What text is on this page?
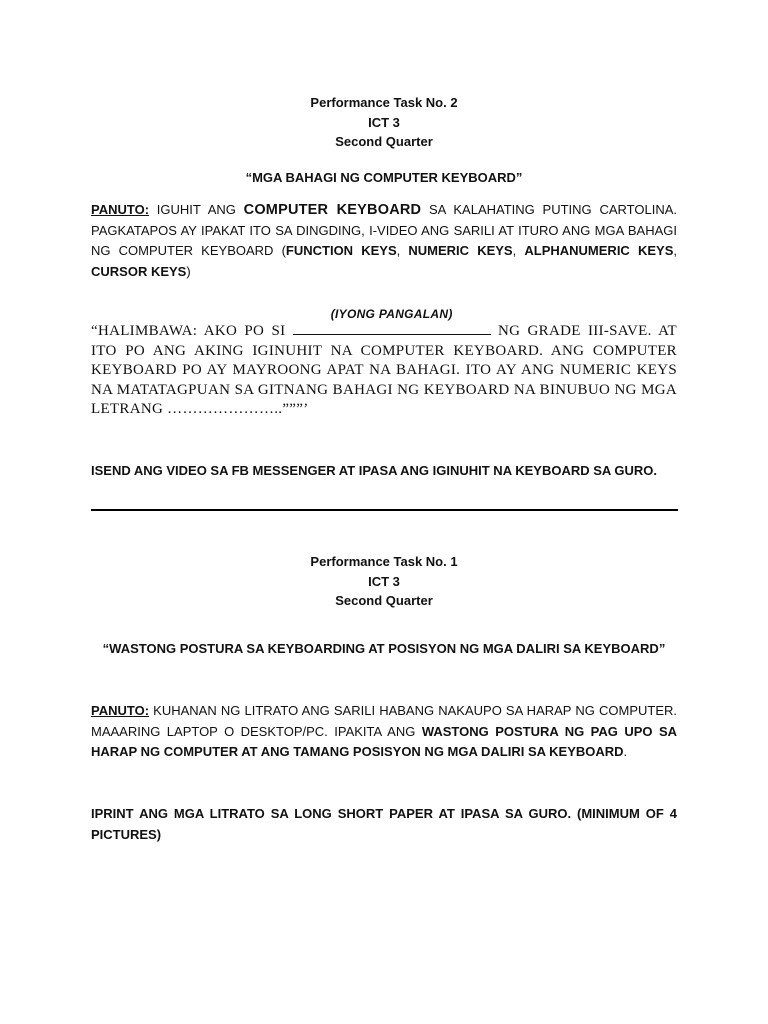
Performance Task No. 2
ICT 3
Second Quarter
“MGA BAHAGI NG COMPUTER KEYBOARD”
PANUTO: IGUHIT ANG COMPUTER KEYBOARD SA KALAHATING PUTING CARTOLINA. PAGKATAPOS AY IPAKAT ITO SA DINGDING, I-VIDEO ANG SARILI AT ITURO ANG MGA BAHAGI NG COMPUTER KEYBOARD (FUNCTION KEYS, NUMERIC KEYS, ALPHANUMERIC KEYS, CURSOR KEYS)
“HALIMBAWA: AKO PO SI
(IYONG PANGALAN)
NG GRADE III-SAVE. AT ITO PO ANG AKING IGINUHIT NA COMPUTER KEYBOARD. ANG COMPUTER KEYBOARD PO AY MAYROONG APAT NA BAHAGI. ITO AY ANG NUMERIC KEYS NA MATATAGPUAN SA GITNANG BAHAGI NG KEYBOARD NA BINUBUO NG MGA LETRANG …………………..”””’
ISEND ANG VIDEO SA FB MESSENGER AT IPASA ANG IGINUHIT NA KEYBOARD SA GURO.
Performance Task No. 1
ICT 3
Second Quarter
“WASTONG POSTURA SA KEYBOARDING AT POSISYON NG MGA DALIRI SA KEYBOARD”
PANUTO: KUHANAN NG LITRATO ANG SARILI HABANG NAKAUPO SA HARAP NG COMPUTER. MAAARING LAPTOP O DESKTOP/PC. IPAKITA ANG WASTONG POSTURA NG PAG UPO SA HARAP NG COMPUTER AT ANG TAMANG POSISYON NG MGA DALIRI SA KEYBOARD.
IPRINT ANG MGA LITRATO SA LONG SHORT PAPER AT IPASA SA GURO. (MINIMUM OF 4 PICTURES)
